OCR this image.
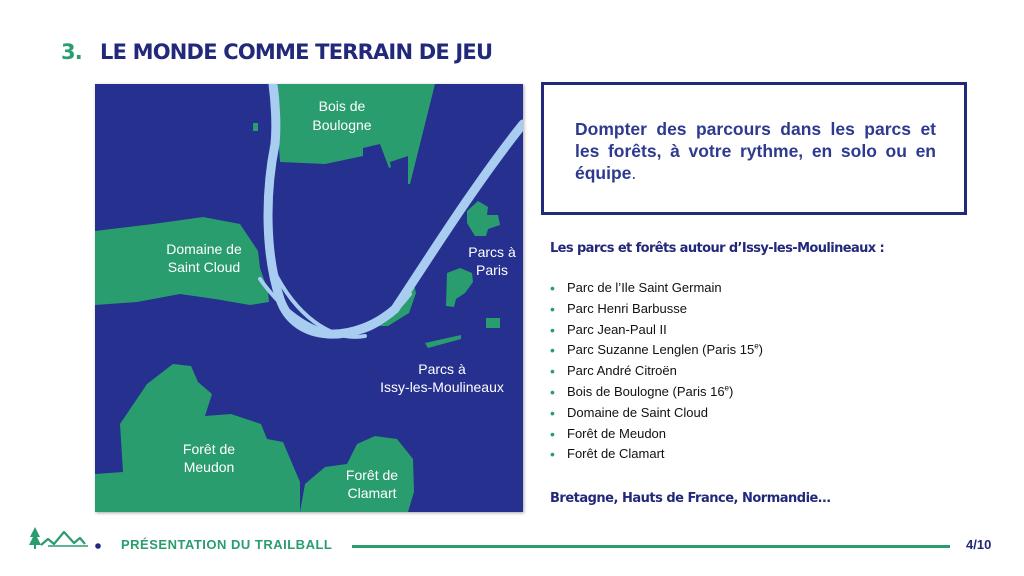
3. LE MONDE COMME TERRAIN DE JEU
Bois de
Boulogne
Domaine de
Saint Cloud
Parcs à
Paris
Parcs à
Issy-les-Moulineaux
Forêt de
Meudon	Forêt de
Clamart

Dompter des parcours dans les parcs et les forêts, à votre rythme, en solo ou en équipe.

Les parcs et forêts autour d’Issy-les-Moulineaux :
• Parc de l’Ile Saint Germain
• Parc Henri Barbusse
• Parc Jean-Paul II
• Parc Suzanne Lenglen (Paris 15e)
• Parc André Citroën
• Bois de Boulogne (Paris 16e)
• Domaine de Saint Cloud
• Forêt de Meudon
• Forêt de Clamart
Bretagne, Hauts de France, Normandie…
PRÉSENTATION DU TRAILBALL	4/10
